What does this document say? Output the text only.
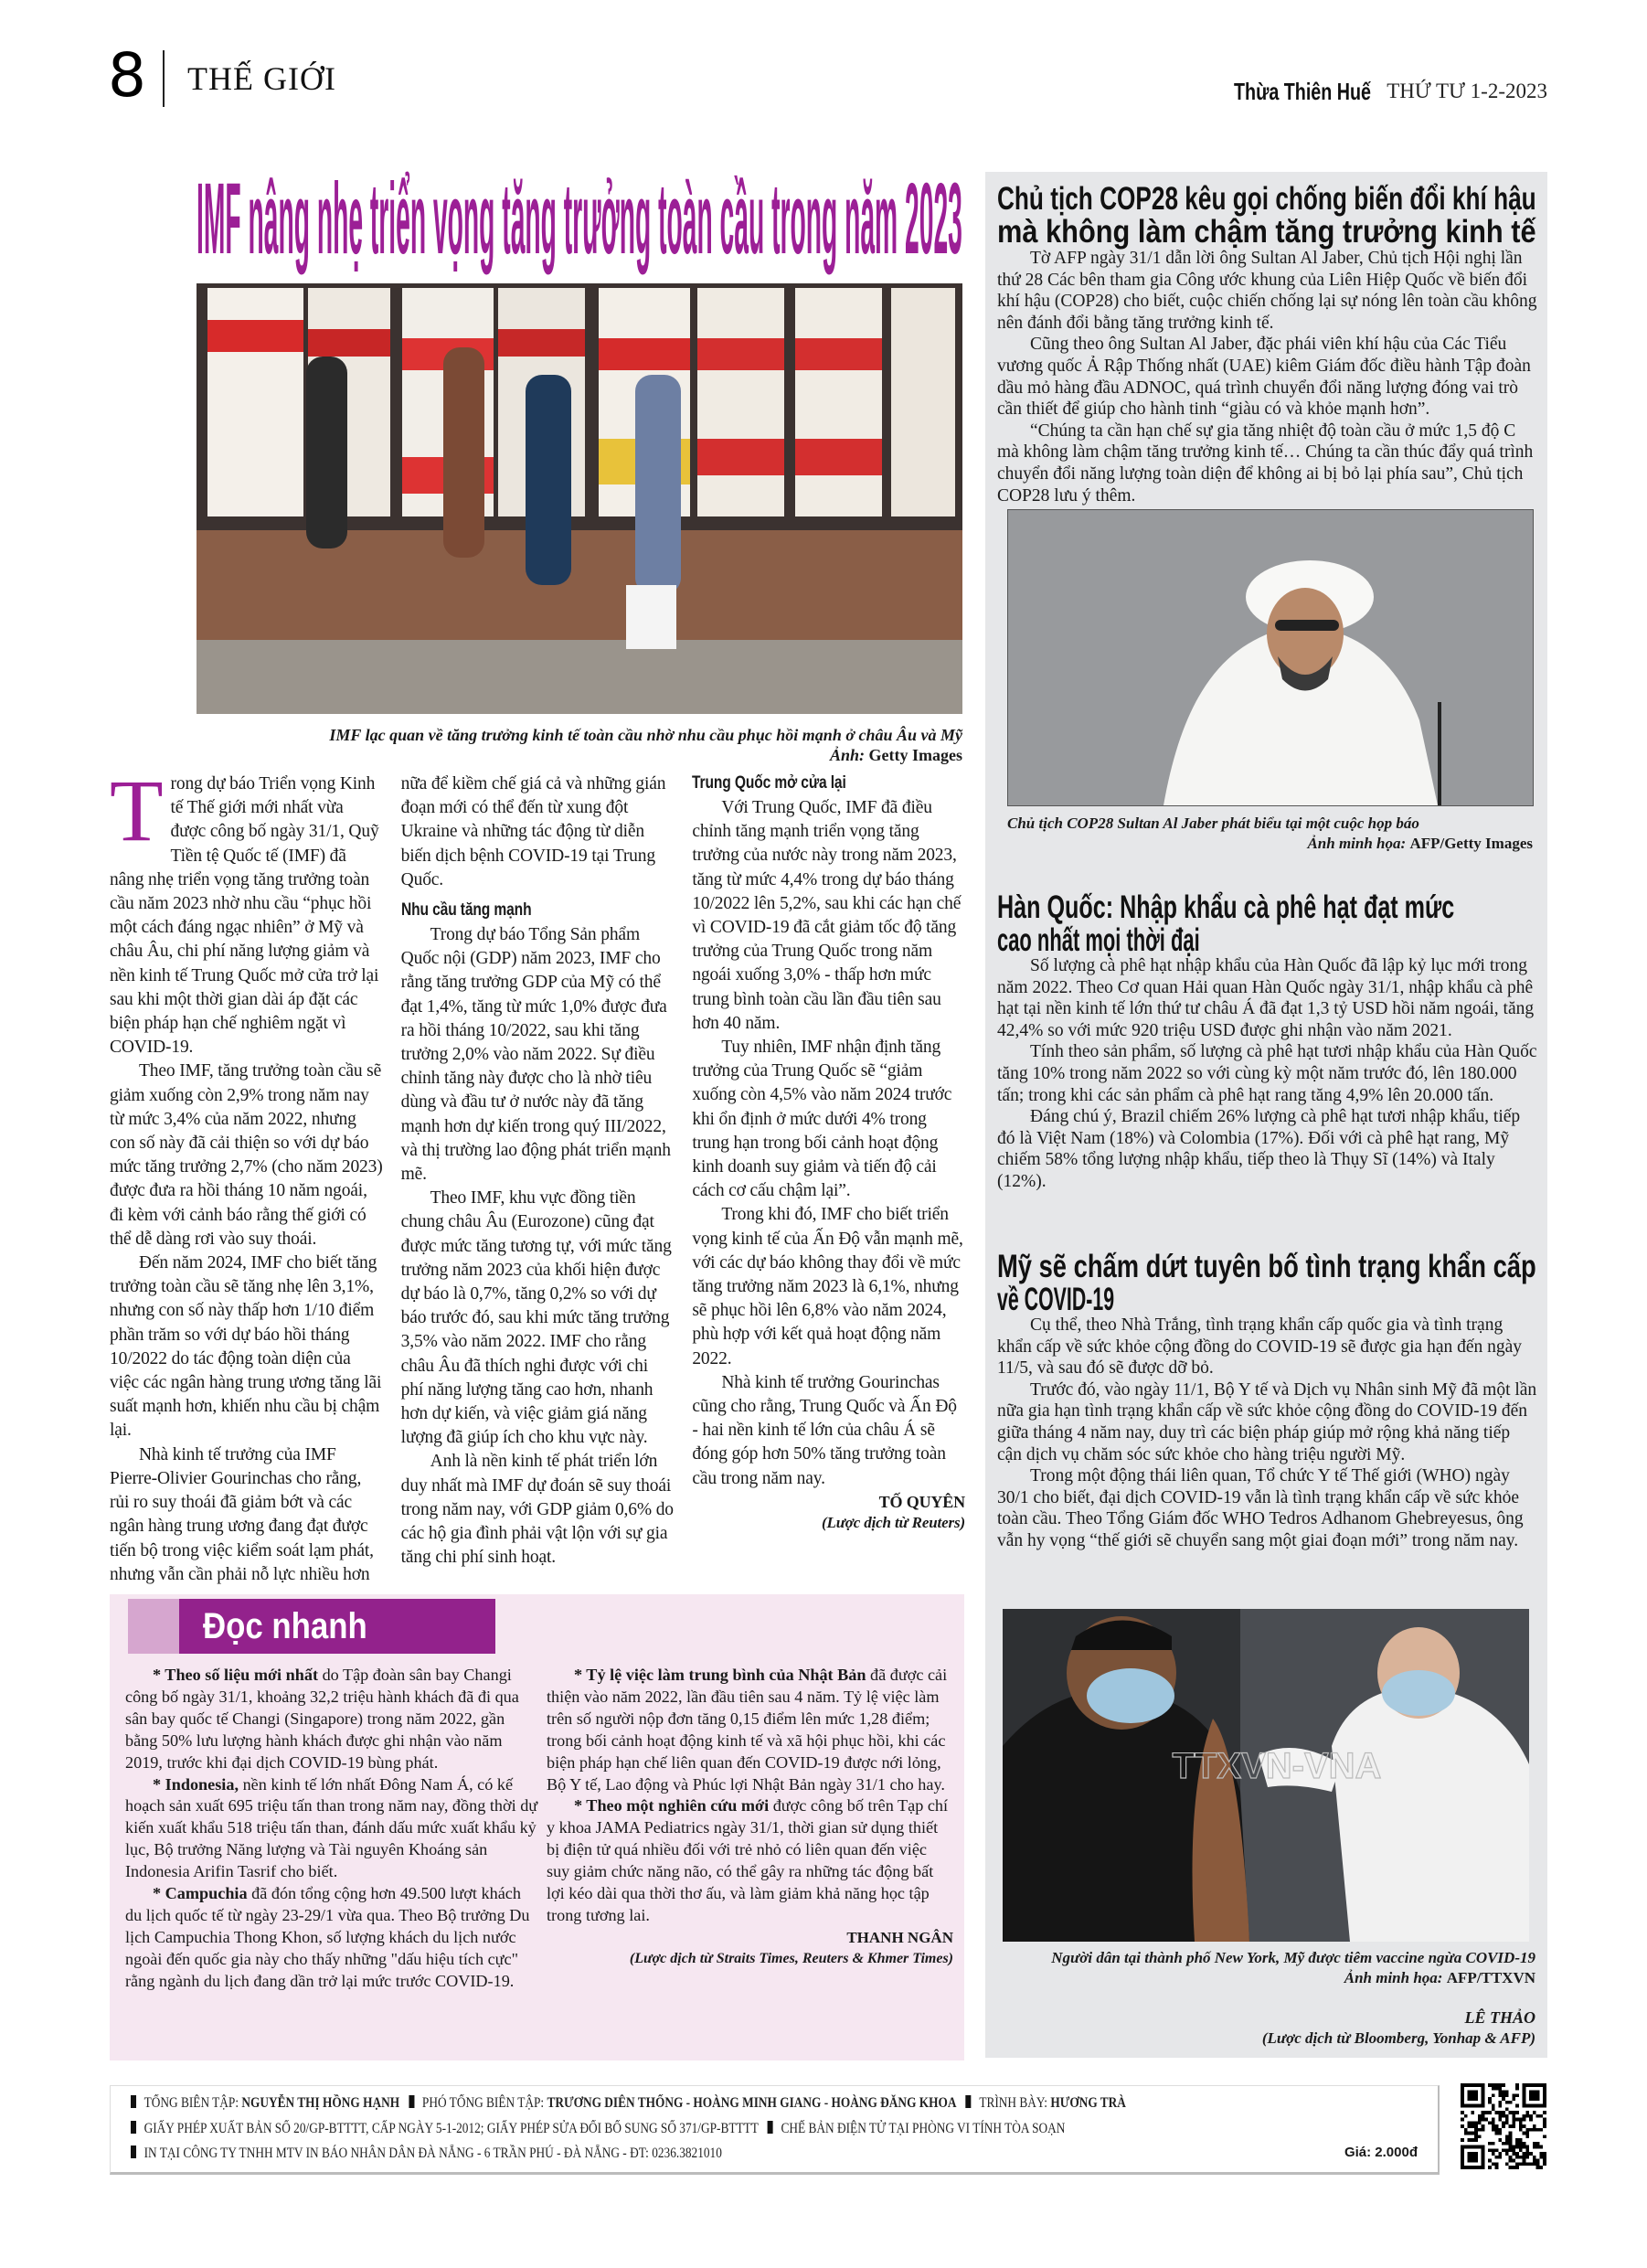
8 THẾ GIỚI	Thừa Thiên Huế THỨ TƯ 1-2-2023
IMF nâng nhẹ triển vọng tăng trưởng toàn cầu trong năm 2023
IMF lạc quan về tăng trưởng kinh tế toàn cầu nhờ nhu cầu phục hồi mạnh ở châu Âu và Mỹ
Ảnh: Getty Images

Trong dự báo Triển vọng Kinh tế Thế giới mới nhất vừa được công bố ngày 31/1, Quỹ Tiền tệ Quốc tế (IMF) đã nâng nhẹ triển vọng tăng trưởng toàn cầu năm 2023 nhờ nhu cầu “phục hồi một cách đáng ngạc nhiên” ở Mỹ và châu Âu, chi phí năng lượng giảm và nền kinh tế Trung Quốc mở cửa trở lại sau khi một thời gian dài áp đặt các biện pháp hạn chế nghiêm ngặt vì COVID-19.

Theo IMF, tăng trưởng toàn cầu sẽ giảm xuống còn 2,9% trong năm nay từ mức 3,4% của năm 2022, nhưng con số này đã cải thiện so với dự báo mức tăng trưởng 2,7% (cho năm 2023) được đưa ra hồi tháng 10 năm ngoái, đi kèm với cảnh báo rằng thế giới có thể dễ dàng rơi vào suy thoái.

Đến năm 2024, IMF cho biết tăng trưởng toàn cầu sẽ tăng nhẹ lên 3,1%, nhưng con số này thấp hơn 1/10 điểm phần trăm so với dự báo hồi tháng 10/2022 do tác động toàn diện của việc các ngân hàng trung ương tăng lãi suất mạnh hơn, khiến nhu cầu bị chậm lại.

Nhà kinh tế trưởng của IMF Pierre-Olivier Gourinchas cho rằng, rủi ro suy thoái đã giảm bớt và các ngân hàng trung ương đang đạt được tiến bộ trong việc kiểm soát lạm phát, nhưng vẫn cần phải nỗ lực nhiều hơn nữa để kiềm chế giá cả và những gián đoạn mới có thể đến từ xung đột Ukraine và những tác động từ diễn biến dịch bệnh COVID-19 tại Trung Quốc.

Nhu cầu tăng mạnh

Trong dự báo Tổng Sản phẩm Quốc nội (GDP) năm 2023, IMF cho rằng tăng trưởng GDP của Mỹ có thể đạt 1,4%, tăng từ mức 1,0% được đưa ra hồi tháng 10/2022, sau khi tăng trưởng 2,0% vào năm 2022. Sự điều chỉnh tăng này được cho là nhờ tiêu dùng và đầu tư ở nước này đã tăng mạnh hơn dự kiến trong quý III/2022, và thị trường lao động phát triển mạnh mẽ.

Theo IMF, khu vực đồng tiền chung châu Âu (Eurozone) cũng đạt được mức tăng tương tự, với mức tăng trưởng năm 2023 của khối hiện được dự báo là 0,7%, tăng 0,2% so với dự báo trước đó, sau khi mức tăng trưởng 3,5% vào năm 2022. IMF cho rằng châu Âu đã thích nghi được với chi phí năng lượng tăng cao hơn, nhanh hơn dự kiến, và việc giảm giá năng lượng đã giúp ích cho khu vực này.

Anh là nền kinh tế phát triển lớn duy nhất mà IMF dự đoán sẽ suy thoái trong năm nay, với GDP giảm 0,6% do các hộ gia đình phải vật lộn với sự gia tăng chi phí sinh hoạt.

Trung Quốc mở cửa lại

Với Trung Quốc, IMF đã điều chỉnh tăng mạnh triển vọng tăng trưởng của nước này trong năm 2023, tăng từ mức 4,4% trong dự báo tháng 10/2022 lên 5,2%, sau khi các hạn chế vì COVID-19 đã cắt giảm tốc độ tăng trưởng của Trung Quốc trong năm ngoái xuống 3,0% - thấp hơn mức trung bình toàn cầu lần đầu tiên sau hơn 40 năm.

Tuy nhiên, IMF nhận định tăng trưởng của Trung Quốc sẽ “giảm xuống còn 4,5% vào năm 2024 trước khi ổn định ở mức dưới 4% trong trung hạn trong bối cảnh hoạt động kinh doanh suy giảm và tiến độ cải cách cơ cấu chậm lại”.

Trong khi đó, IMF cho biết triển vọng kinh tế của Ấn Độ vẫn mạnh mẽ, với các dự báo không thay đổi về mức tăng trưởng năm 2023 là 6,1%, nhưng sẽ phục hồi lên 6,8% vào năm 2024, phù hợp với kết quả hoạt động năm 2022.

Nhà kinh tế trưởng Gourinchas cũng cho rằng, Trung Quốc và Ấn Độ - hai nền kinh tế lớn của châu Á sẽ đóng góp hơn 50% tăng trưởng toàn cầu trong năm nay.

TỐ QUYÊN
(Lược dịch từ Reuters)
Chủ tịch COP28 kêu gọi chống biến đổi khí hậu
mà không làm chậm tăng trưởng kinh tế

Tờ AFP ngày 31/1 dẫn lời ông Sultan Al Jaber, Chủ tịch Hội nghị lần thứ 28 Các bên tham gia Công ước khung của Liên Hiệp Quốc về biến đổi khí hậu (COP28) cho biết, cuộc chiến chống lại sự nóng lên toàn cầu không nên đánh đổi bằng tăng trưởng kinh tế.

Cũng theo ông Sultan Al Jaber, đặc phái viên khí hậu của Các Tiểu vương quốc Ả Rập Thống nhất (UAE) kiêm Giám đốc điều hành Tập đoàn dầu mỏ hàng đầu ADNOC, quá trình chuyển đổi năng lượng đóng vai trò cần thiết để giúp cho hành tinh “giàu có và khỏe mạnh hơn”.

“Chúng ta cần hạn chế sự gia tăng nhiệt độ toàn cầu ở mức 1,5 độ C mà không làm chậm tăng trưởng kinh tế… Chúng ta cần thúc đẩy quá trình chuyển đổi năng lượng toàn diện để không ai bị bỏ lại phía sau”, Chủ tịch COP28 lưu ý thêm.

Chủ tịch COP28 Sultan Al Jaber phát biểu tại một cuộc họp báo
Ảnh minh họa: AFP/Getty Images
Hàn Quốc: Nhập khẩu cà phê hạt đạt mức
cao nhất mọi thời đại

Số lượng cà phê hạt nhập khẩu của Hàn Quốc đã lập kỷ lục mới trong năm 2022. Theo Cơ quan Hải quan Hàn Quốc ngày 31/1, nhập khẩu cà phê hạt tại nền kinh tế lớn thứ tư châu Á đã đạt 1,3 tỷ USD hồi năm ngoái, tăng 42,4% so với mức 920 triệu USD được ghi nhận vào năm 2021.

Tính theo sản phẩm, số lượng cà phê hạt tươi nhập khẩu của Hàn Quốc tăng 10% trong năm 2022 so với cùng kỳ một năm trước đó, lên 180.000 tấn; trong khi các sản phẩm cà phê hạt rang tăng 4,9% lên 20.000 tấn.

Đáng chú ý, Brazil chiếm 26% lượng cà phê hạt tươi nhập khẩu, tiếp đó là Việt Nam (18%) và Colombia (17%). Đối với cà phê hạt rang, Mỹ chiếm 58% tổng lượng nhập khẩu, tiếp theo là Thụy Sĩ (14%) và Italy (12%).

Mỹ sẽ chấm dứt tuyên bố tình trạng khẩn cấp
về COVID-19

Cụ thể, theo Nhà Trắng, tình trạng khẩn cấp quốc gia và tình trạng khẩn cấp về sức khỏe cộng đồng do COVID-19 sẽ được gia hạn đến ngày 11/5, và sau đó sẽ được dỡ bỏ.

Trước đó, vào ngày 11/1, Bộ Y tế và Dịch vụ Nhân sinh Mỹ đã một lần nữa gia hạn tình trạng khẩn cấp về sức khỏe cộng đồng do COVID-19 đến giữa tháng 4 năm nay, duy trì các biện pháp giúp mở rộng khả năng tiếp cận dịch vụ chăm sóc sức khỏe cho hàng triệu người Mỹ.

Trong một động thái liên quan, Tổ chức Y tế Thế giới (WHO) ngày 30/1 cho biết, đại dịch COVID-19 vẫn là tình trạng khẩn cấp về sức khỏe toàn cầu. Theo Tổng Giám đốc WHO Tedros Adhanom Ghebreyesus, ông vẫn hy vọng “thế giới sẽ chuyển sang một giai đoạn mới” trong năm nay.

TTXVN-VNA
Người dân tại thành phố New York, Mỹ được tiêm vaccine ngừa COVID-19
Ảnh minh họa: AFP/TTXVN
LÊ THẢO
(Lược dịch từ Bloomberg, Yonhap & AFP)
Đọc nhanh

* Theo số liệu mới nhất do Tập đoàn sân bay Changi công bố ngày 31/1, khoảng 32,2 triệu hành khách đã đi qua sân bay quốc tế Changi (Singapore) trong năm 2022, gần bằng 50% lưu lượng hành khách được ghi nhận vào năm 2019, trước khi đại dịch COVID-19 bùng phát.

* Indonesia, nền kinh tế lớn nhất Đông Nam Á, có kế hoạch sản xuất 695 triệu tấn than trong năm nay, đồng thời dự kiến xuất khẩu 518 triệu tấn than, đánh dấu mức xuất khẩu kỷ lục, Bộ trưởng Năng lượng và Tài nguyên Khoáng sản Indonesia Arifin Tasrif cho biết.

* Campuchia đã đón tổng cộng hơn 49.500 lượt khách du lịch quốc tế từ ngày 23-29/1 vừa qua. Theo Bộ trưởng Du lịch Campuchia Thong Khon, số lượng khách du lịch nước ngoài đến quốc gia này cho thấy những "dấu hiệu tích cực" rằng ngành du lịch đang dần trở lại mức trước COVID-19.

* Tỷ lệ việc làm trung bình của Nhật Bản đã được cải thiện vào năm 2022, lần đầu tiên sau 4 năm. Tỷ lệ việc làm trên số người nộp đơn tăng 0,15 điểm lên mức 1,28 điểm; trong bối cảnh hoạt động kinh tế và xã hội phục hồi, khi các biện pháp hạn chế liên quan đến COVID-19 được nới lỏng, Bộ Y tế, Lao động và Phúc lợi Nhật Bản ngày 31/1 cho hay.

* Theo một nghiên cứu mới được công bố trên Tạp chí y khoa JAMA Pediatrics ngày 31/1, thời gian sử dụng thiết bị điện tử quá nhiều đối với trẻ nhỏ có liên quan đến việc suy giảm chức năng não, có thể gây ra những tác động bất lợi kéo dài qua thời thơ ấu, và làm giảm khả năng học tập trong tương lai.

THANH NGÂN
(Lược dịch từ Straits Times, Reuters & Khmer Times)
TỔNG BIÊN TẬP: NGUYỄN THỊ HỒNG HẠNH PHÓ TỔNG BIÊN TẬP: TRƯƠNG DIÊN THỐNG - HOÀNG MINH GIANG - HOÀNG ĐĂNG KHOA TRÌNH BÀY: HƯƠNG TRÀ
GIẤY PHÉP XUẤT BẢN SỐ 20/GP-BTTTT, CẤP NGÀY 5-1-2012; GIẤY PHÉP SỬA ĐỔI BỔ SUNG SỐ 371/GP-BTTTT CHẾ BẢN ĐIỆN TỬ TẠI PHÒNG VI TÍNH TÒA SOẠN
IN TẠI CÔNG TY TNHH MTV IN BÁO NHÂN DÂN ĐÀ NẴNG - 6 TRẦN PHÚ - ĐÀ NẴNG - ĐT: 0236.3821010	Giá: 2.000đ
